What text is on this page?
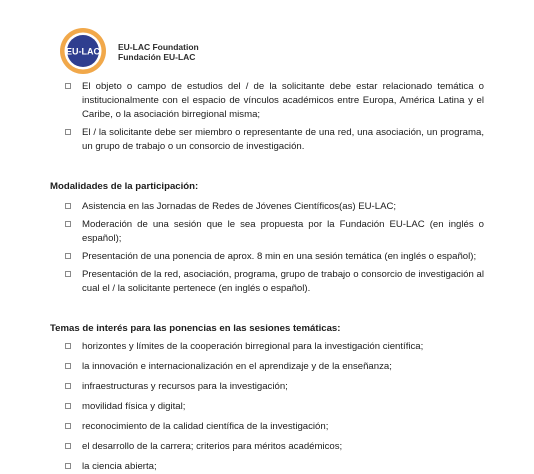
EU-LAC EU-LAC Foundation
Fundación EU-LAC
El objeto o campo de estudios del / de la solicitante debe estar relacionado temática o institucionalmente con el espacio de vínculos académicos entre Europa, América Latina y el Caribe, o la asociación birregional misma;
El / la solicitante debe ser miembro o representante de una red, una asociación, un programa, un grupo de trabajo o un consorcio de investigación.
Modalidades de la participación:
Asistencia en las Jornadas de Redes de Jóvenes Científicos(as) EU-LAC;
Moderación de una sesión que le sea propuesta por la Fundación EU-LAC (en inglés o español);
Presentación de una ponencia de aprox. 8 min en una sesión temática (en inglés o español);
Presentación de la red, asociación, programa, grupo de trabajo o consorcio de investigación al cual el / la solicitante pertenece (en inglés o español).
Temas de interés para las ponencias en las sesiones temáticas:
horizontes y límites de la cooperación birregional para la investigación científica;
la innovación e internacionalización en el aprendizaje y de la enseñanza;
infraestructuras y recursos para la investigación;
movilidad física y digital;
reconocimiento de la calidad científica de la investigación;
el desarrollo de la carrera; criterios para méritos académicos;
la ciencia abierta;
